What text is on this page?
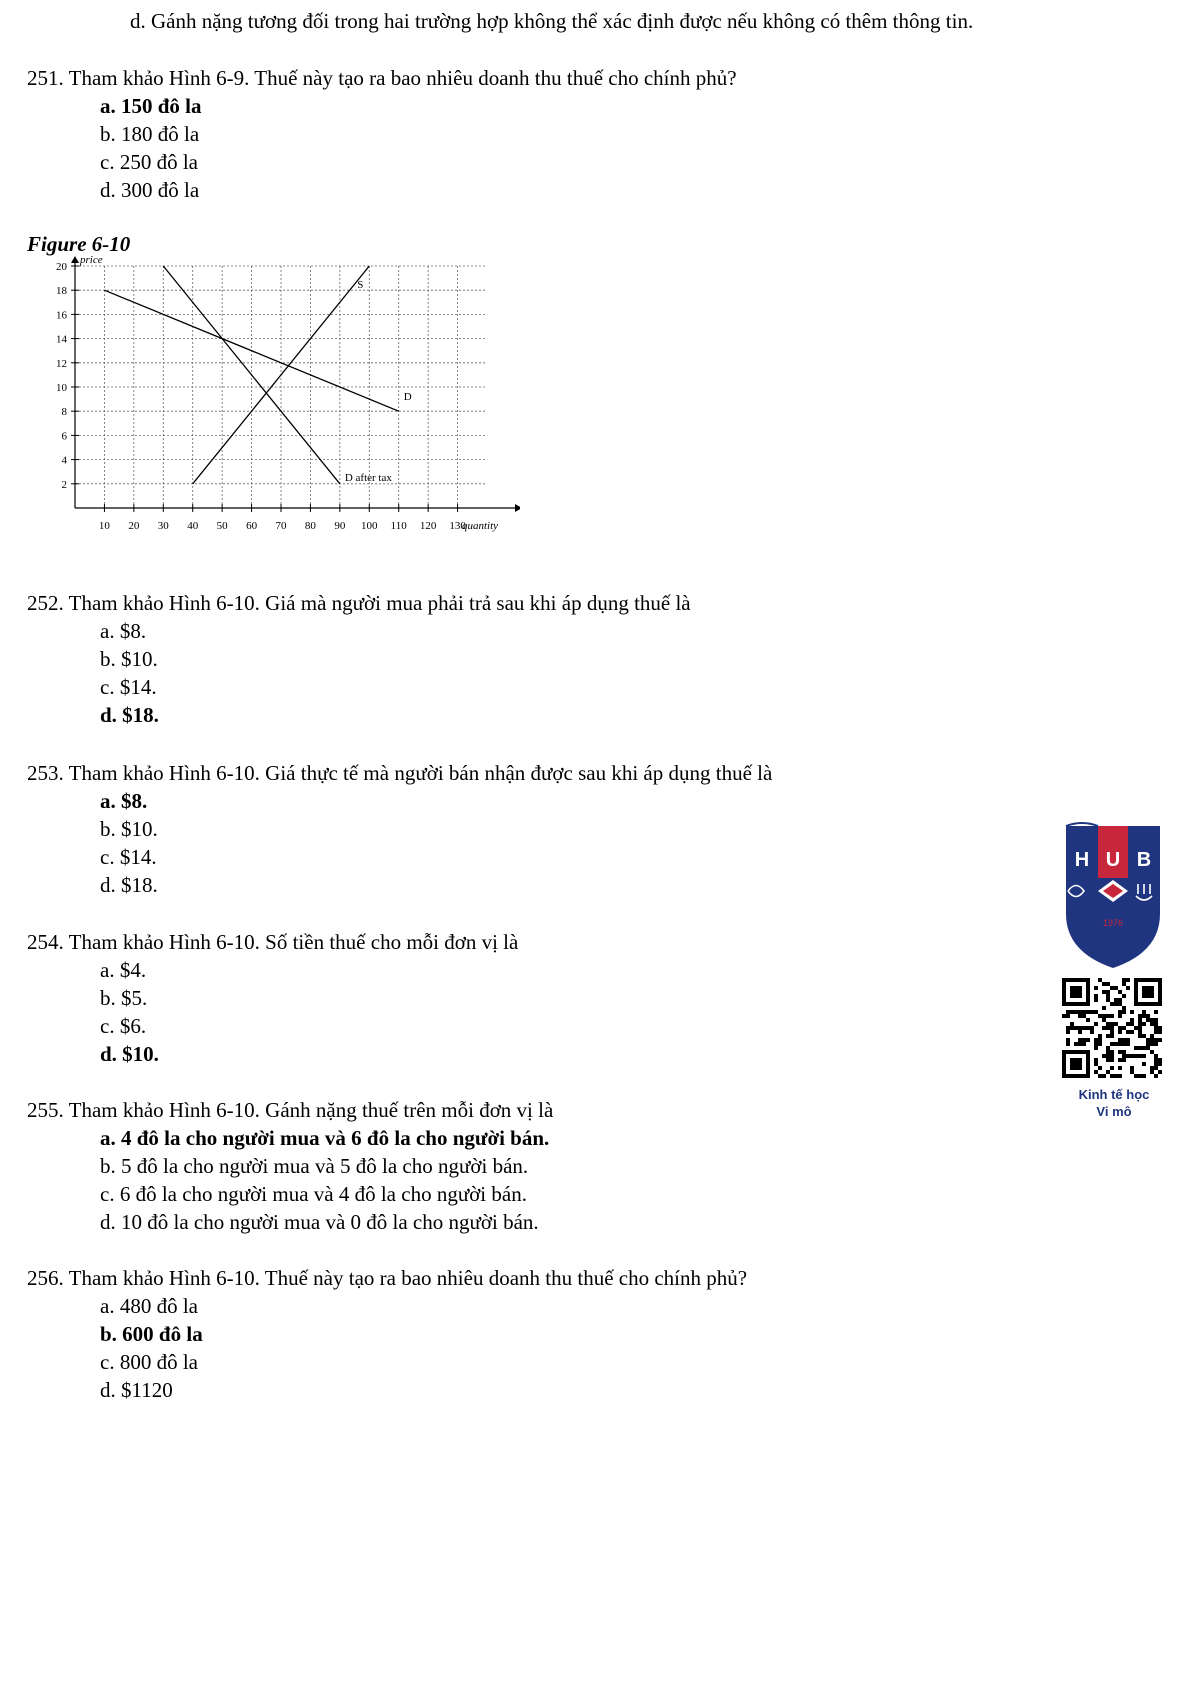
d. Gánh nặng tương đối trong hai trường hợp không thể xác định được nếu không có thêm thông tin.
251. Tham khảo Hình 6-9. Thuế này tạo ra bao nhiêu doanh thu thuế cho chính phủ?
a. 150 đô la
b. 180 đô la
c. 250 đô la
d. 300 đô la
Figure 6-10
10 20 30 40 50 60 70 80 90 100 110 120 130
2
4
6
8
10
12
14
16
18
20
price
quantity
S
D
D after tax
252. Tham khảo Hình 6-10. Giá mà người mua phải trả sau khi áp dụng thuế là
a. $8.
b. $10.
c. $14.
d. $18.
253. Tham khảo Hình 6-10. Giá thực tế mà người bán nhận được sau khi áp dụng thuế là
a. $8.
b. $10.
c. $14.
d. $18.
254. Tham khảo Hình 6-10. Số tiền thuế cho mỗi đơn vị là
a. $4.
b. $5.
c. $6.
d. $10.
255. Tham khảo Hình 6-10. Gánh nặng thuế trên mỗi đơn vị là
a. 4 đô la cho người mua và 6 đô la cho người bán.
b. 5 đô la cho người mua và 5 đô la cho người bán.
c. 6 đô la cho người mua và 4 đô la cho người bán.
d. 10 đô la cho người mua và 0 đô la cho người bán.
256. Tham khảo Hình 6-10. Thuế này tạo ra bao nhiêu doanh thu thuế cho chính phủ?
a. 480 đô la
b. 600 đô la
c. 800 đô la
d. $1120
H U B
1976
Kinh tế học
Vi mô
